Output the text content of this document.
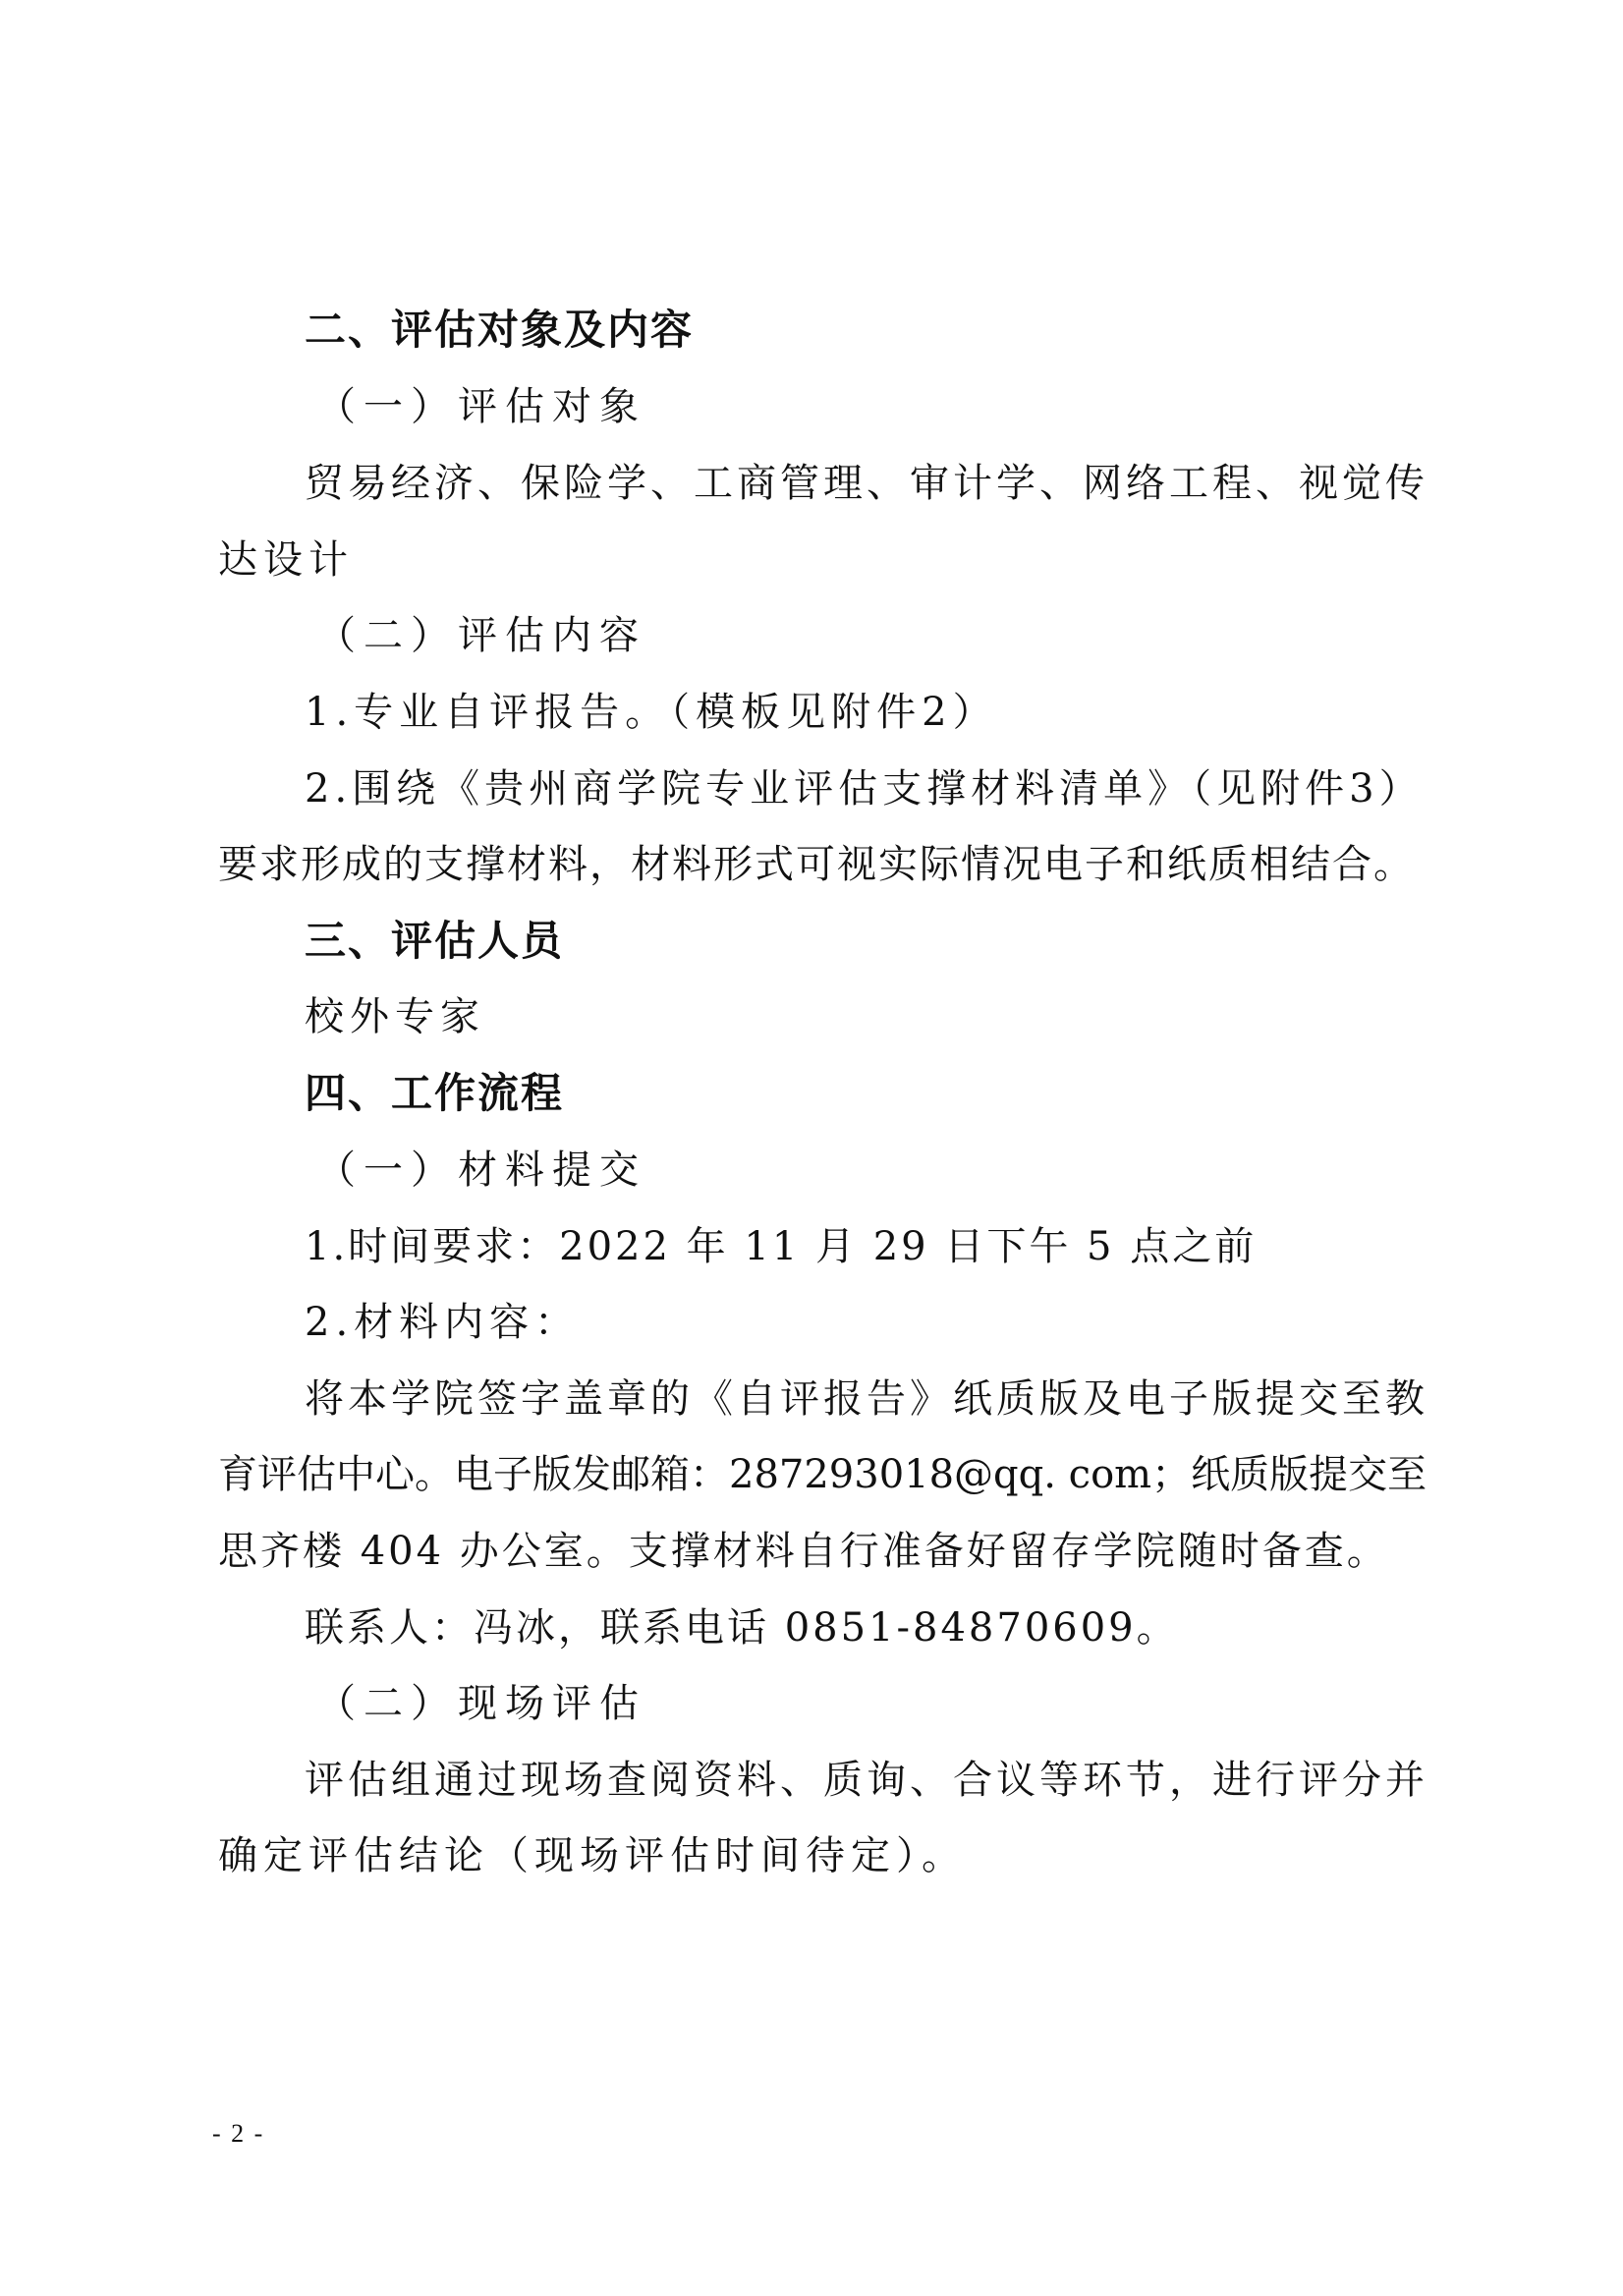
二、评估对象及内容
（一）评估对象
贸易经济、保险学、工商管理、审计学、网络工程、视觉传
达设计
（二）评估内容
1.专业自评报告。（模板见附件2）
2.围绕《贵州商学院专业评估支撑材料清单》（见附件3）
要求形成的支撑材料，材料形式可视实际情况电子和纸质相结合。
三、评估人员
校外专家
四、工作流程
（一）材料提交
1.时间要求：2022 年 11 月 29 日下午 5 点之前
2.材料内容：
将本学院签字盖章的《自评报告》纸质版及电子版提交至教
育评估中心。电子版发邮箱：287293018@qq. com；纸质版提交至
思齐楼 404 办公室。支撑材料自行准备好留存学院随时备查。
联系人：冯冰，联系电话 0851-84870609。
（二）现场评估
评估组通过现场查阅资料、质询、合议等环节，进行评分并
确定评估结论（现场评估时间待定）。
- 2 -
